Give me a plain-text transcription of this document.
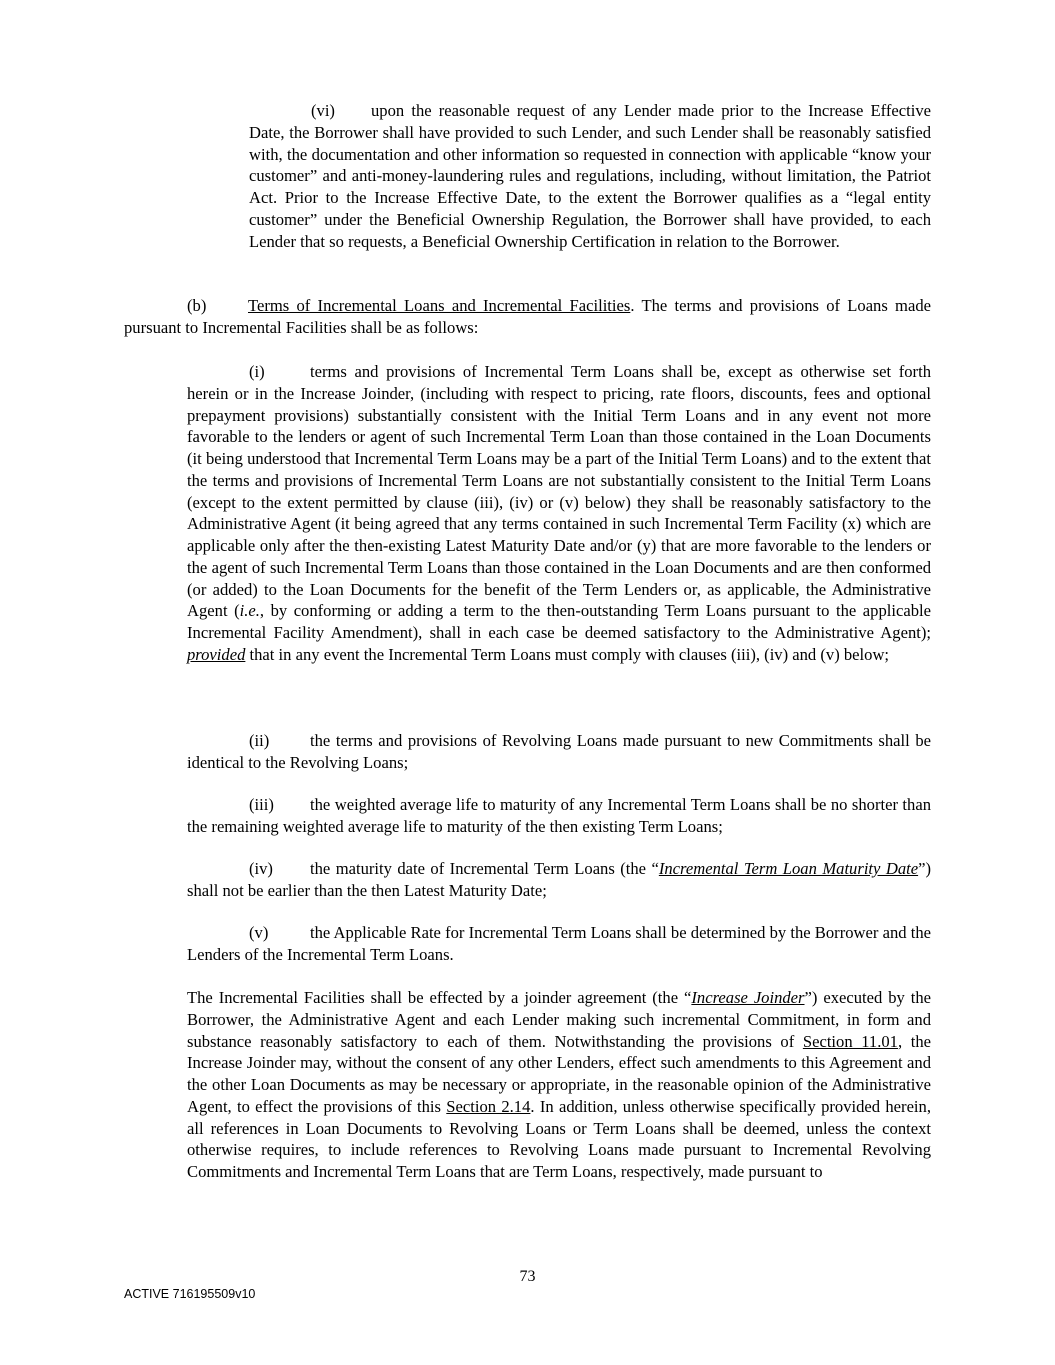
(vi) upon the reasonable request of any Lender made prior to the Increase Effective Date, the Borrower shall have provided to such Lender, and such Lender shall be reasonably satisfied with, the documentation and other information so requested in connection with applicable “know your customer” and anti-money-laundering rules and regulations, including, without limitation, the Patriot Act. Prior to the Increase Effective Date, to the extent the Borrower qualifies as a “legal entity customer” under the Beneficial Ownership Regulation, the Borrower shall have provided, to each Lender that so requests, a Beneficial Ownership Certification in relation to the Borrower.

(b)	Terms of Incremental Loans and Incremental Facilities. The terms and provisions of Loans made pursuant to Incremental Facilities shall be as follows:

(i)	terms and provisions of Incremental Term Loans shall be, except as otherwise set forth herein or in the Increase Joinder, (including with respect to pricing, rate floors, discounts, fees and optional prepayment provisions) substantially consistent with the Initial Term Loans and in any event not more favorable to the lenders or agent of such Incremental Term Loan than those contained in the Loan Documents (it being understood that Incremental Term Loans may be a part of the Initial Term Loans) and to the extent that the terms and provisions of Incremental Term Loans are not substantially consistent to the Initial Term Loans (except to the extent permitted by clause (iii), (iv) or (v) below) they shall be reasonably satisfactory to the Administrative Agent (it being agreed that any terms contained in such Incremental Term Facility (x) which are applicable only after the then-existing Latest Maturity Date and/or (y) that are more favorable to the lenders or the agent of such Incremental Term Loans than those contained in the Loan Documents and are then conformed (or added) to the Loan Documents for the benefit of the Term Lenders or, as applicable, the Administrative Agent (i.e., by conforming or adding a term to the then-outstanding Term Loans pursuant to the applicable Incremental Facility Amendment), shall in each case be deemed satisfactory to the Administrative Agent); provided that in any event the Incremental Term Loans must comply with clauses (iii), (iv) and (v) below;

(ii) the terms and provisions of Revolving Loans made pursuant to new Commitments shall be identical to the Revolving Loans;

(iii) the weighted average life to maturity of any Incremental Term Loans shall be no shorter than the remaining weighted average life to maturity of the then existing Term Loans;

(iv) the maturity date of Incremental Term Loans (the “Incremental Term Loan Maturity Date”) shall not be earlier than the then Latest Maturity Date;

(v)	the Applicable Rate for Incremental Term Loans shall be determined by the Borrower and the Lenders of the Incremental Term Loans.

The Incremental Facilities shall be effected by a joinder agreement (the “Increase Joinder”) executed by the Borrower, the Administrative Agent and each Lender making such incremental Commitment, in form and substance reasonably satisfactory to each of them. Notwithstanding the provisions of Section 11.01, the Increase Joinder may, without the consent of any other Lenders, effect such amendments to this Agreement and the other Loan Documents as may be necessary or appropriate, in the reasonable opinion of the Administrative Agent, to effect the provisions of this Section 2.14. In addition, unless otherwise specifically provided herein, all references in Loan Documents to Revolving Loans or Term Loans shall be deemed, unless the context otherwise requires, to include references to Revolving Loans made pursuant to Incremental Revolving Commitments and Incremental Term Loans that are Term Loans, respectively, made pursuant to

73
ACTIVE 716195509v10
